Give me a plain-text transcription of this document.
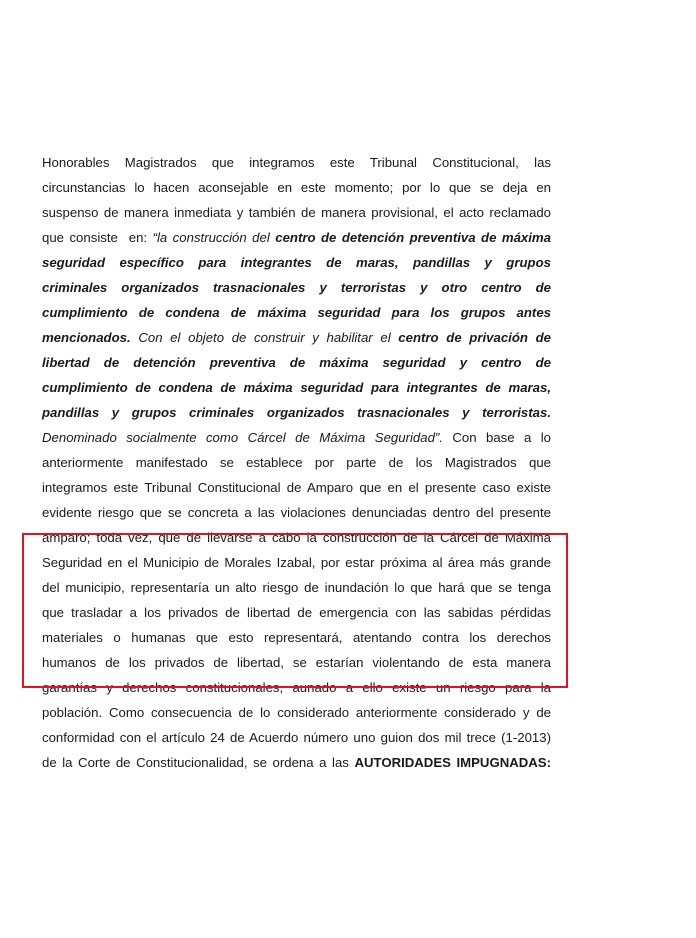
Honorables Magistrados que integramos este Tribunal Constitucional, las
circunstancias lo hacen aconsejable en este momento; por lo que se deja en
suspenso de manera inmediata y también de manera provisional, el acto reclamado
que consiste  en: “la construcción del centro de detención preventiva de máxima
seguridad específico para integrantes de maras, pandillas y grupos
criminales organizados trasnacionales y terroristas y otro centro de
cumplimiento de condena de máxima seguridad para los grupos antes
mencionados. Con el objeto de construir y habilitar el centro de privación de
libertad de detención preventiva de máxima seguridad y centro de
cumplimiento de condena de máxima seguridad para integrantes de maras,
pandillas y grupos criminales organizados trasnacionales y terroristas.
Denominado socialmente como Cárcel de Máxima Seguridad”. Con base a lo
anteriormente manifestado se establece por parte de los Magistrados que
integramos este Tribunal Constitucional de Amparo que en el presente caso existe
evidente riesgo que se concreta a las violaciones denunciadas dentro del presente
amparo; toda vez, que de llevarse a cabo la construcción de la Cárcel de Máxima
Seguridad en el Municipio de Morales Izabal, por estar próxima al área más grande
del municipio, representaría un alto riesgo de inundación lo que hará que se tenga
que trasladar a los privados de libertad de emergencia con las sabidas pérdidas
materiales o humanas que esto representará, atentando contra los derechos
humanos de los privados de libertad, se estarían violentando de esta manera
garantías y derechos constitucionales, aunado a ello existe un riesgo para la
población. Como consecuencia de lo considerado anteriormente considerado y de
conformidad con el artículo 24 de Acuerdo número uno guion dos mil trece (1-2013)
de la Corte de Constitucionalidad, se ordena a las AUTORIDADES IMPUGNADAS:
